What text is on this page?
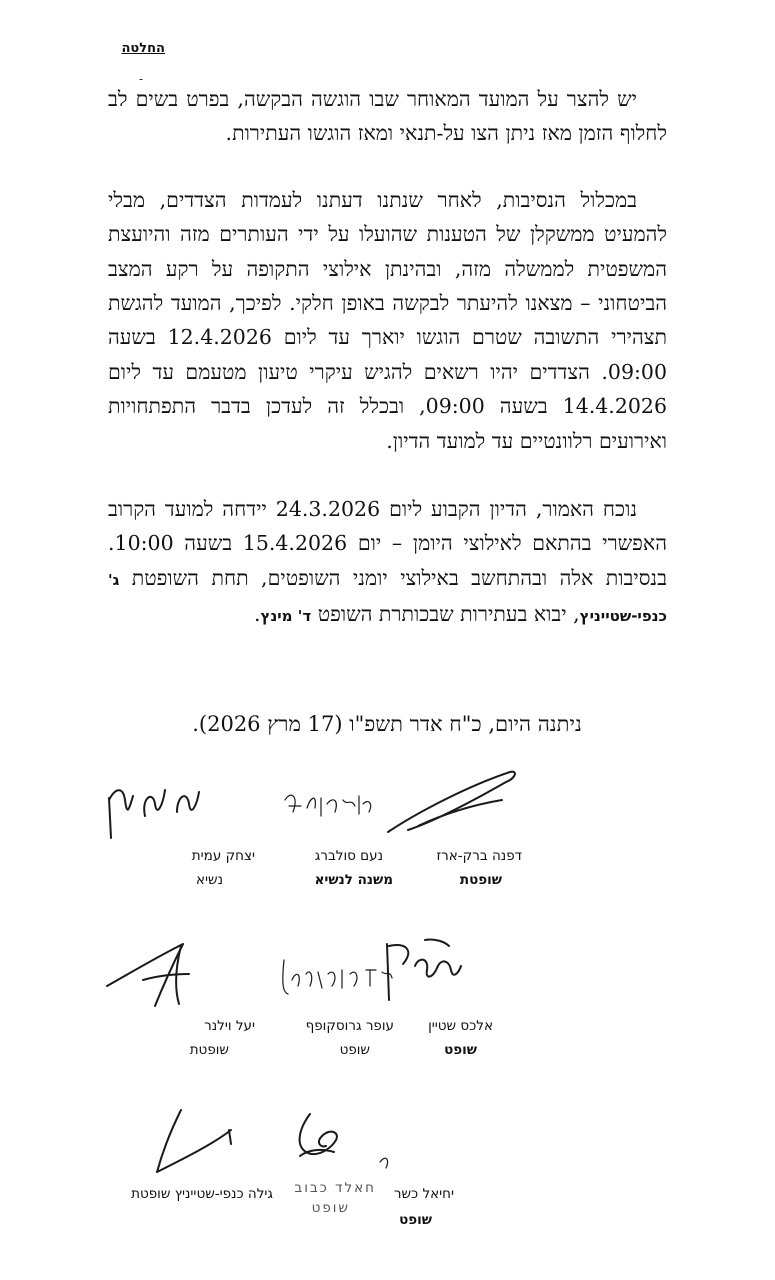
החלטה
-

יש להצר על המועד המאוחר שבו הוגשה הבקשה, בפרט בשים לב לחלוף הזמן מאז ניתן הצו על-תנאי ומאז הוגשו העתירות.

במכלול הנסיבות, לאחר שנתנו דעתנו לעמדות הצדדים, מבלי להמעיט ממשקלן של הטענות שהועלו על ידי העותרים מזה והיועצת המשפטית לממשלה מזה, ובהינתן אילוצי התקופה על רקע המצב הביטחוני – מצאנו להיעתר לבקשה באופן חלקי. לפיכך, המועד להגשת תצהירי התשובה שטרם הוגשו יוארך עד ליום 12.4.2026 בשעה 09:00. הצדדים יהיו רשאים להגיש עיקרי טיעון מטעמם עד ליום 14.4.2026 בשעה 09:00, ובכלל זה לעדכן בדבר התפתחויות ואירועים רלוונטיים עד למועד הדיון.

נוכח האמור, הדיון הקבוע ליום 24.3.2026 יידחה למועד הקרוב האפשרי בהתאם לאילוצי היומן – יום 15.4.2026 בשעה 10:00. בנסיבות אלה ובהתחשב באילוצי יומני השופטים, תחת השופטת ג' כנפי-שטייניץ, יבוא בעתירות שבכותרת השופט ד' מינץ.

ניתנה היום, כ"ח אדר תשפ"ו (17 מרץ 2026).
יצחק עמית
נשיא
נעם סולברג
משנה לנשיא
דפנה ברק-ארז
שופטת
יעל וילנר
שופטת
עופר גרוסקופף
שופט
אלכס שטיין
שופט
גילה כנפי-שטייניץ שופטת חאלד כבוב
שופט
יחיאל כשר
שופט
